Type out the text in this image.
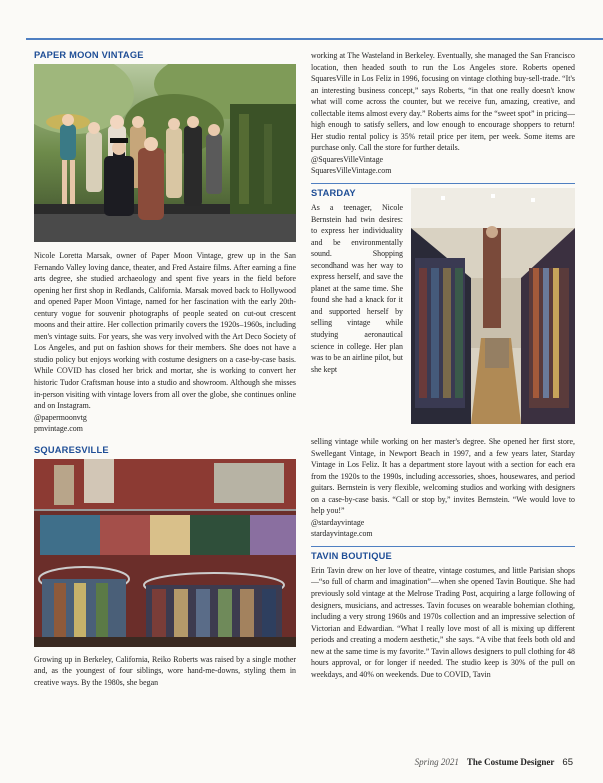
PAPER MOON VINTAGE

Nicole Loretta Marsak, owner of Paper Moon Vintage, grew up in the San Fernando Valley loving dance, theater, and Fred Astaire films. After earning a fine arts degree, she studied archaeology and spent five years in the field before opening her first shop in Redlands, California. Marsak moved back to Hollywood and opened Paper Moon Vintage, named for her fascination with the early 20th-century vogue for souvenir photographs of people seated on cut-out crescent moons and their attire. Her collection primarily covers the 1920s–1960s, including men's vintage suits. For years, she was very involved with the Art Deco Society of Los Angeles, and put on fashion shows for their members. She does not have a studio policy but enjoys working with costume designers on a case-by-case basis. While COVID has closed her brick and mortar, she is working to convert her historic Tudor Craftsman house into a studio and showroom. Although she misses in-person visiting with vintage lovers from all over the globe, she continues online and on Instagram.

@papermoonvtg
pmvintage.com
SQUARESVILLE

Growing up in Berkeley, California, Reiko Roberts was raised by a single mother and, as the youngest of four siblings, wore hand-me-downs, styling them in creative ways. By the 1980s, she began

working at The Wasteland in Berkeley. Eventually, she managed the San Francisco location, then headed south to run the Los Angeles store. Roberts opened SquaresVille in Los Feliz in 1996, focusing on vintage clothing buy-sell-trade. “It's an interesting business concept,” says Roberts, “in that one really doesn't know what will come across the counter, but we receive fun, amazing, creative, and collectable items almost every day.” Roberts aims for the “sweet spot” in pricing—high enough to satisfy sellers, and low enough to encourage shoppers to return! Her studio rental policy is 35% retail price per item, per week. Some items are purchase only. Call the store for further details.

@SquaresVilleVintage
SquaresVilleVintage.com
STARDAY

As a teenager, Nicole Bernstein had twin desires: to express her individuality and be environmentally sound. Shopping secondhand was her way to express herself, and save the planet at the same time. She found she had a knack for it and supported herself by selling vintage while studying aeronautical science in college. Her plan was to be an airline pilot, but she kept

selling vintage while working on her master's degree. She opened her first store, Swellegant Vintage, in Newport Beach in 1997, and a few years later, Starday Vintage in Los Feliz. It has a department store layout with a section for each era from the 1920s to the 1990s, including accessories, shoes, housewares, and period guitars. Bernstein is very flexible, welcoming studios and working with designers on a case-by-case basis. “Call or stop by,” invites Bernstein. “We would love to help you!”

@stardayvintage
stardayvintage.com
TAVIN BOUTIQUE

Erin Tavin drew on her love of theatre, vintage costumes, and little Parisian shops—“so full of charm and imagination”—when she opened Tavin Boutique. She had previously sold vintage at the Melrose Trading Post, acquiring a large following of designers, musicians, and actresses. Tavin focuses on wearable bohemian clothing, including a very strong 1960s and 1970s collection and an impressive selection of Victorian and Edwardian. “What I really love most of all is mixing up different periods and creating a modern aesthetic,” she says. “A vibe that feels both old and new at the same time is my favorite.” Tavin allows designers to pull clothing for 48 hours approval, or for longer if needed. The studio keep is 30% of the pull on weekdays, and 40% on weekends. Due to COVID, Tavin

Spring 2021 The Costume Designer 65
